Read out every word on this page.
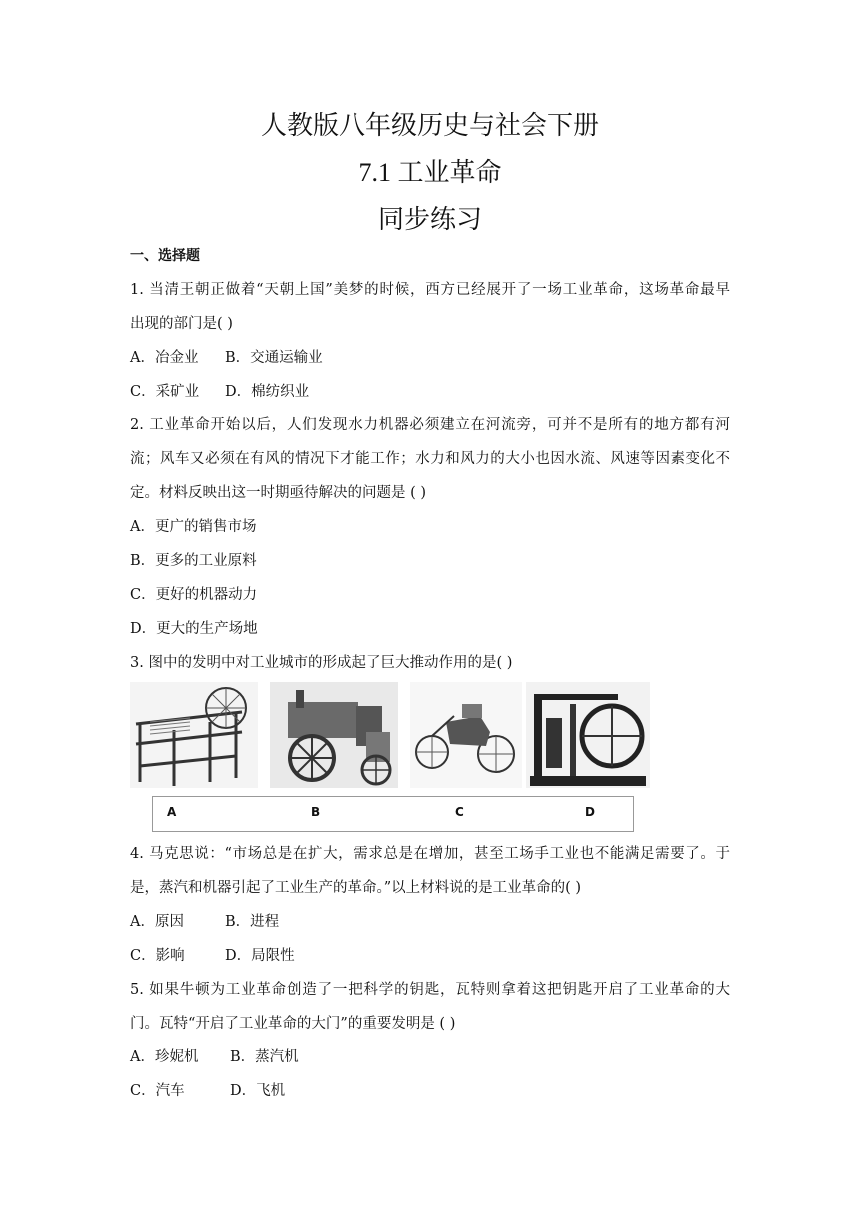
人教版八年级历史与社会下册
7.1 工业革命
同步练习
一、选择题
1. 当清王朝正做着“天朝上国”美梦的时候，西方已经展开了一场工业革命，这场革命最早
出现的部门是( )
A．冶金业 B．交通运输业
C．采矿业 D．棉纺织业
2. 工业革命开始以后，人们发现水力机器必须建立在河流旁，可并不是所有的地方都有河
流；风车又必须在有风的情况下才能工作；水力和风力的大小也因水流、风速等因素变化不
定。材料反映出这一时期亟待解决的问题是 ( )
A．更广的销售市场
B．更多的工业原料
C．更好的机器动力
D．更大的生产场地
3. 图中的发明中对工业城市的形成起了巨大推动作用的是( )
A	B	C	D
4. 马克思说：“市场总是在扩大，需求总是在增加，甚至工场手工业也不能满足需要了。于
是，蒸汽和机器引起了工业生产的革命。”以上材料说的是工业革命的( )
A．原因	B．进程
C．影响	D．局限性
5. 如果牛顿为工业革命创造了一把科学的钥匙，瓦特则拿着这把钥匙开启了工业革命的大
门。瓦特“开启了工业革命的大门”的重要发明是 ( )
A．珍妮机 B．蒸汽机
C．汽车	D．飞机
